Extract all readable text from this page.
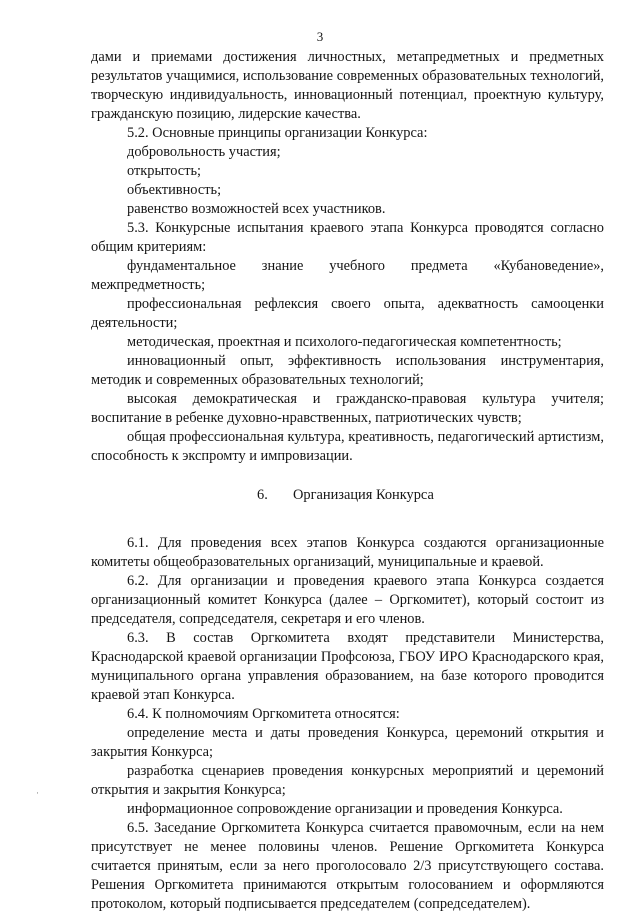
3

дами и приемами достижения личностных, метапредметных и предметных результатов учащимися, использование современных образовательных технологий, творческую индивидуальность, инновационный потенциал, проектную культуру, гражданскую позицию, лидерские качества.

5.2. Основные принципы организации Конкурса:

добровольность участия;

открытость;

объективность;

равенство возможностей всех участников.

5.3. Конкурсные испытания краевого этапа Конкурса проводятся согласно общим критериям:

фундаментальное знание учебного предмета «Кубановедение», межпредметность;

профессиональная рефлексия своего опыта, адекватность самооценки деятельности;

методическая, проектная и психолого-педагогическая компетентность;

инновационный опыт, эффективность использования инструментария, методик и современных образовательных технологий;

высокая демократическая и гражданско-правовая культура учителя; воспитание в ребенке духовно-нравственных, патриотических чувств;

общая профессиональная культура, креативность, педагогический артистизм, способность к экспромту и импровизации.

6. Организация Конкурса

6.1. Для проведения всех этапов Конкурса создаются организационные комитеты общеобразовательных организаций, муниципальные и краевой.

6.2. Для организации и проведения краевого этапа Конкурса создается организационный комитет Конкурса (далее – Оргкомитет), который состоит из председателя, сопредседателя, секретаря и его членов.

6.3. В состав Оргкомитета входят представители Министерства, Краснодарской краевой организации Профсоюза, ГБОУ ИРО Краснодарского края, муниципального органа управления образованием, на базе которого проводится краевой этап Конкурса.

6.4. К полномочиям Оргкомитета относятся:

определение места и даты проведения Конкурса, церемоний открытия и закрытия Конкурса;

разработка сценариев проведения конкурсных мероприятий и церемоний открытия и закрытия Конкурса;

информационное сопровождение организации и проведения Конкурса.

6.5. Заседание Оргкомитета Конкурса считается правомочным, если на нем присутствует не менее половины членов. Решение Оргкомитета Конкурса считается принятым, если за него проголосовало 2/3 присутствующего состава. Решения Оргкомитета принимаются открытым голосованием и оформляются протоколом, который подписывается председателем (сопредседателем).

·
